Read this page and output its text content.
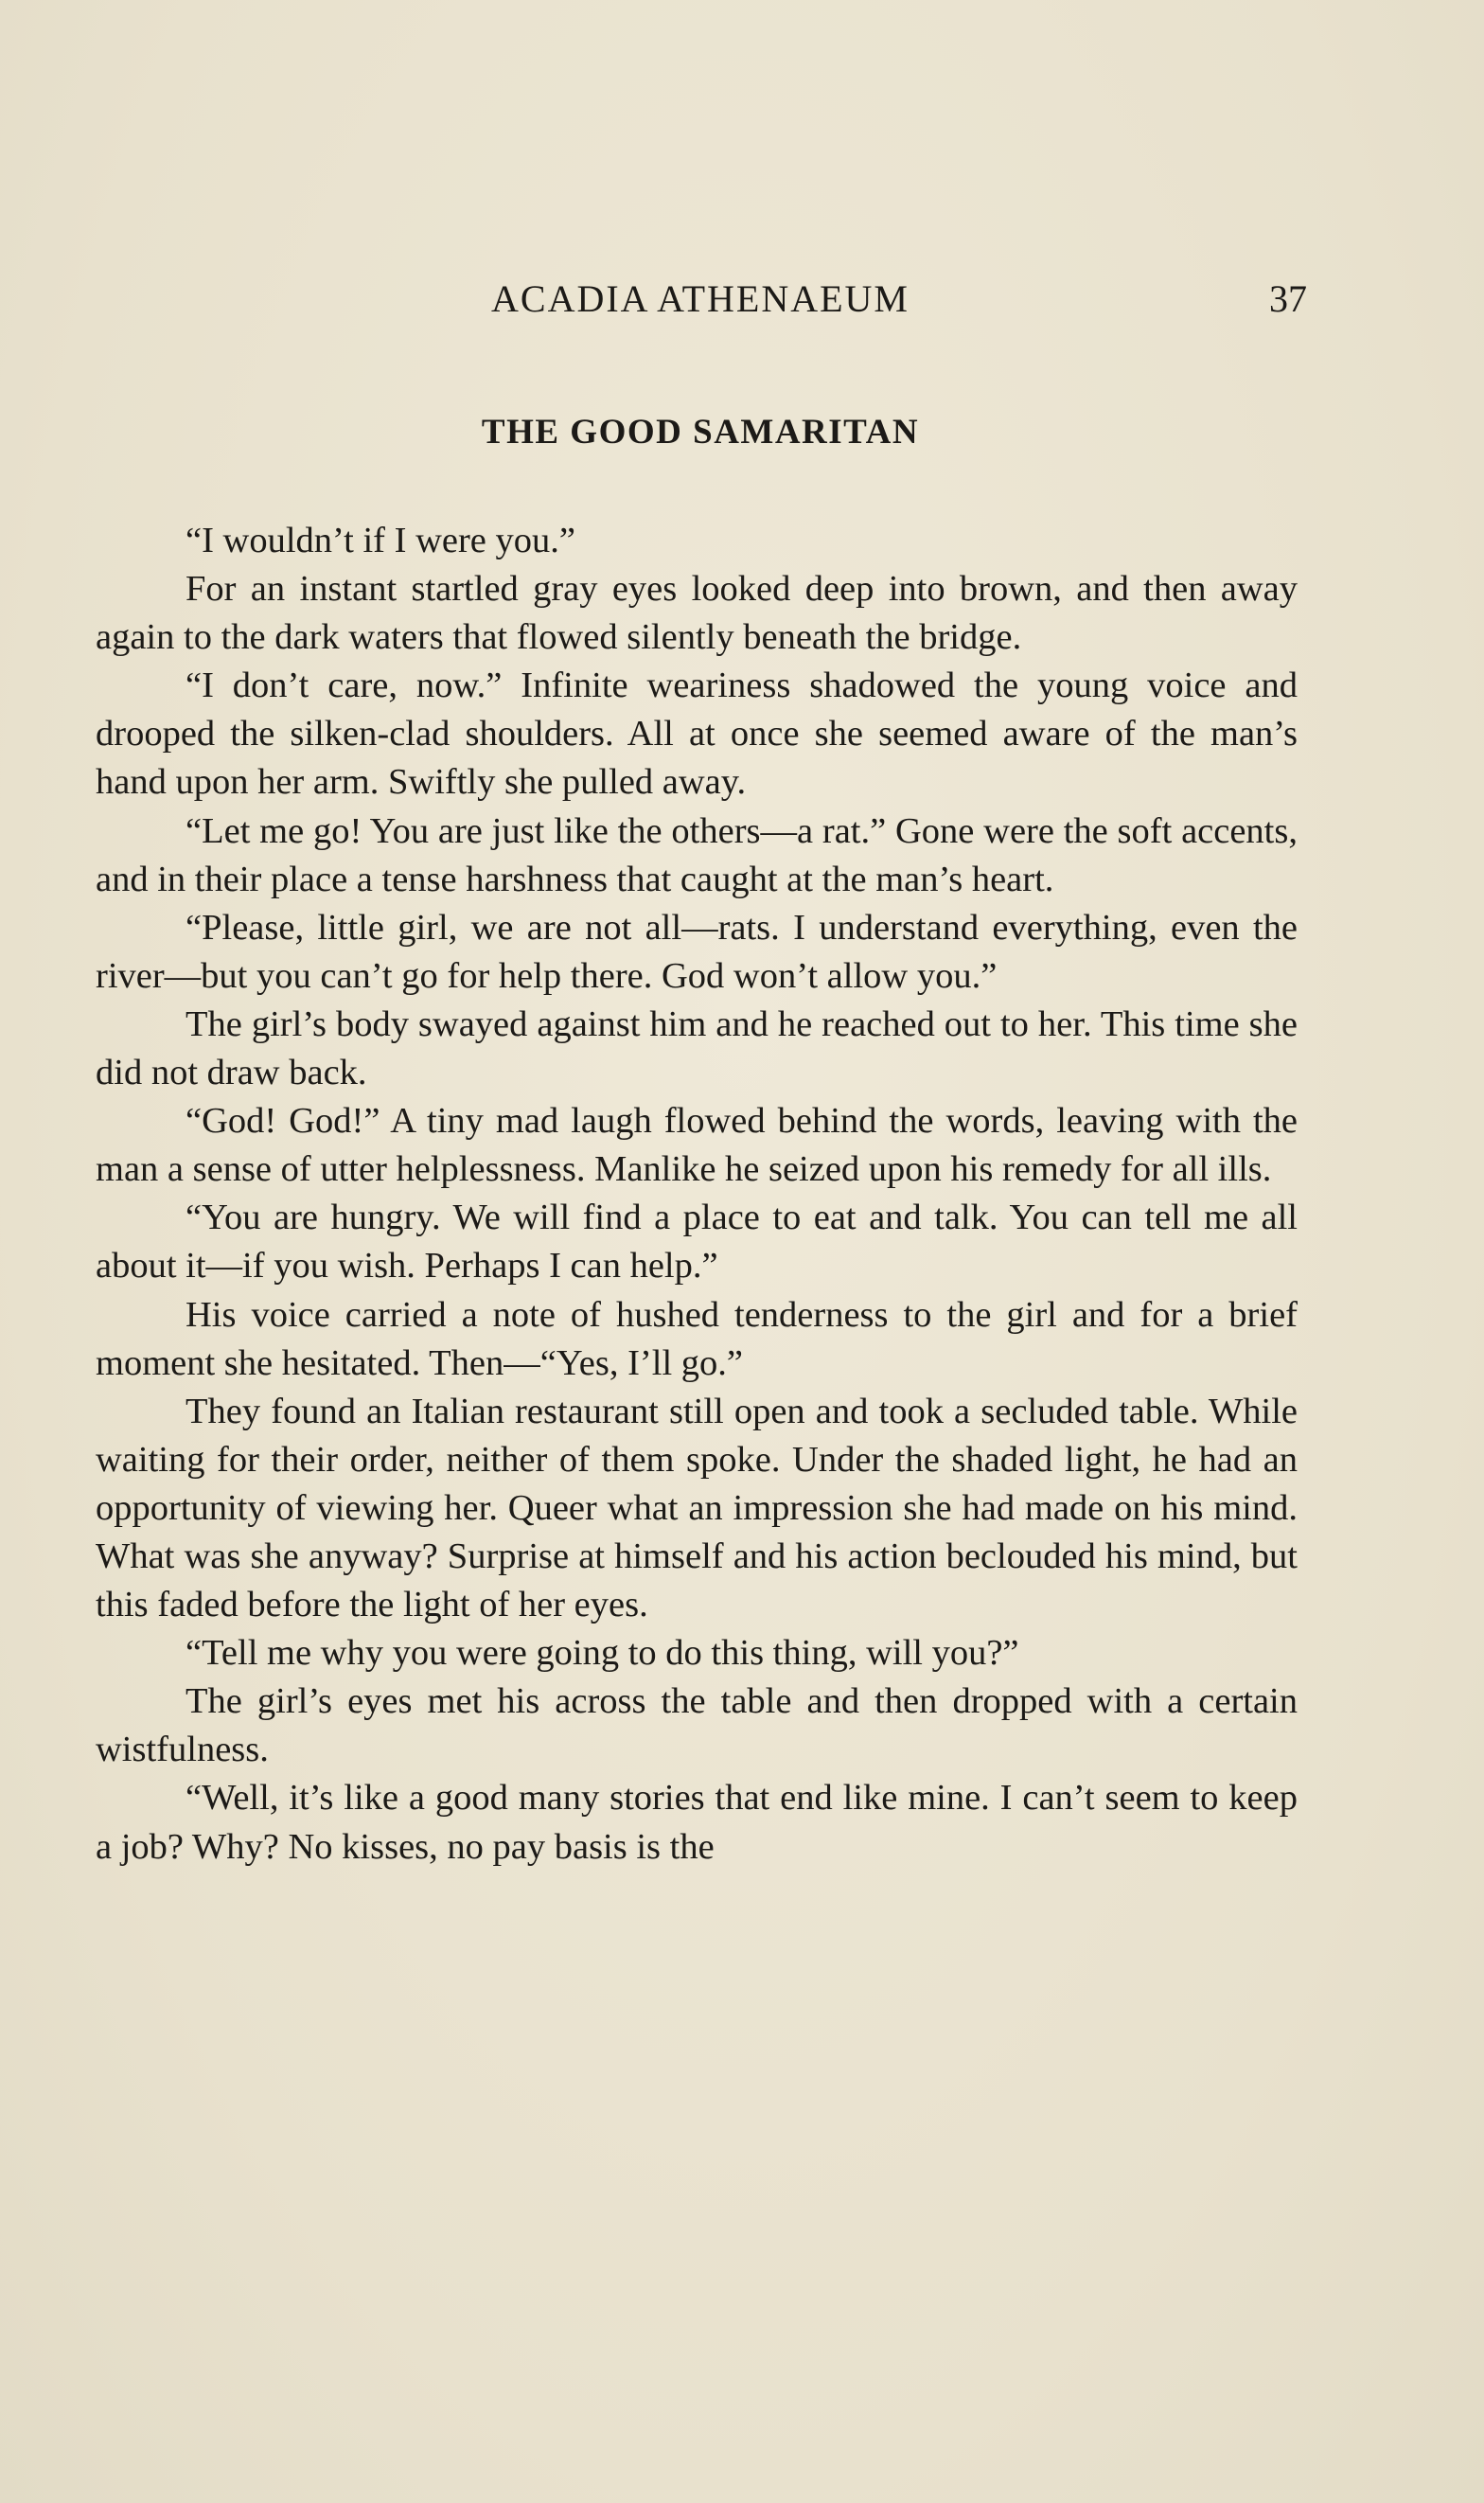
ACADIA ATHENAEUM	37
THE GOOD SAMARITAN

“I wouldn’t if I were you.”

For an instant startled gray eyes looked deep into brown, and then away again to the dark waters that flowed silently beneath the bridge.

“I don’t care, now.” Infinite weariness shadowed the young voice and drooped the silken-clad shoulders. All at once she seemed aware of the man’s hand upon her arm. Swiftly she pulled away.

“Let me go! You are just like the others—a rat.” Gone were the soft accents, and in their place a tense harshness that caught at the man’s heart.

“Please, little girl, we are not all—rats. I understand everything, even the river—but you can’t go for help there. God won’t allow you.”

The girl’s body swayed against him and he reached out to her. This time she did not draw back.

“God! God!” A tiny mad laugh flowed behind the words, leaving with the man a sense of utter helplessness. Manlike he seized upon his remedy for all ills.

“You are hungry. We will find a place to eat and talk. You can tell me all about it—if you wish. Perhaps I can help.”

His voice carried a note of hushed tenderness to the girl and for a brief moment she hesitated. Then—“Yes, I’ll go.”

They found an Italian restaurant still open and took a secluded table. While waiting for their order, neither of them spoke. Under the shaded light, he had an opportunity of viewing her. Queer what an impression she had made on his mind. What was she anyway? Surprise at himself and his action beclouded his mind, but this faded before the light of her eyes.

“Tell me why you were going to do this thing, will you?”

The girl’s eyes met his across the table and then dropped with a certain wistfulness.

“Well, it’s like a good many stories that end like mine. I can’t seem to keep a job? Why? No kisses, no pay basis is the
